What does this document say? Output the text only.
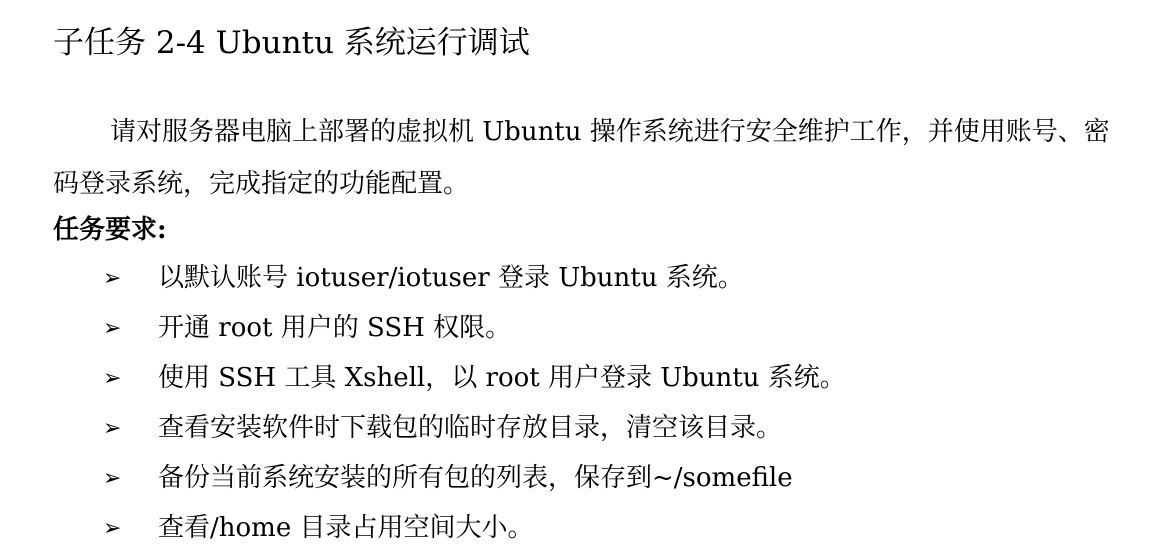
子任务 2-4 Ubuntu 系统运行调试

请对服务器电脑上部署的虚拟机 Ubuntu 操作系统进行安全维护工作，并使用账号、密码登录系统，完成指定的功能配置。

任务要求:
➢ 以默认账号 iotuser/iotuser 登录 Ubuntu 系统。
➢ 开通 root 用户的 SSH 权限。
➢ 使用 SSH 工具 Xshell，以 root 用户登录 Ubuntu 系统。
➢ 查看安装软件时下载包的临时存放目录，清空该目录。
➢ 备份当前系统安装的所有包的列表，保存到~/somefile
➢ 查看/home 目录占用空间大小。
